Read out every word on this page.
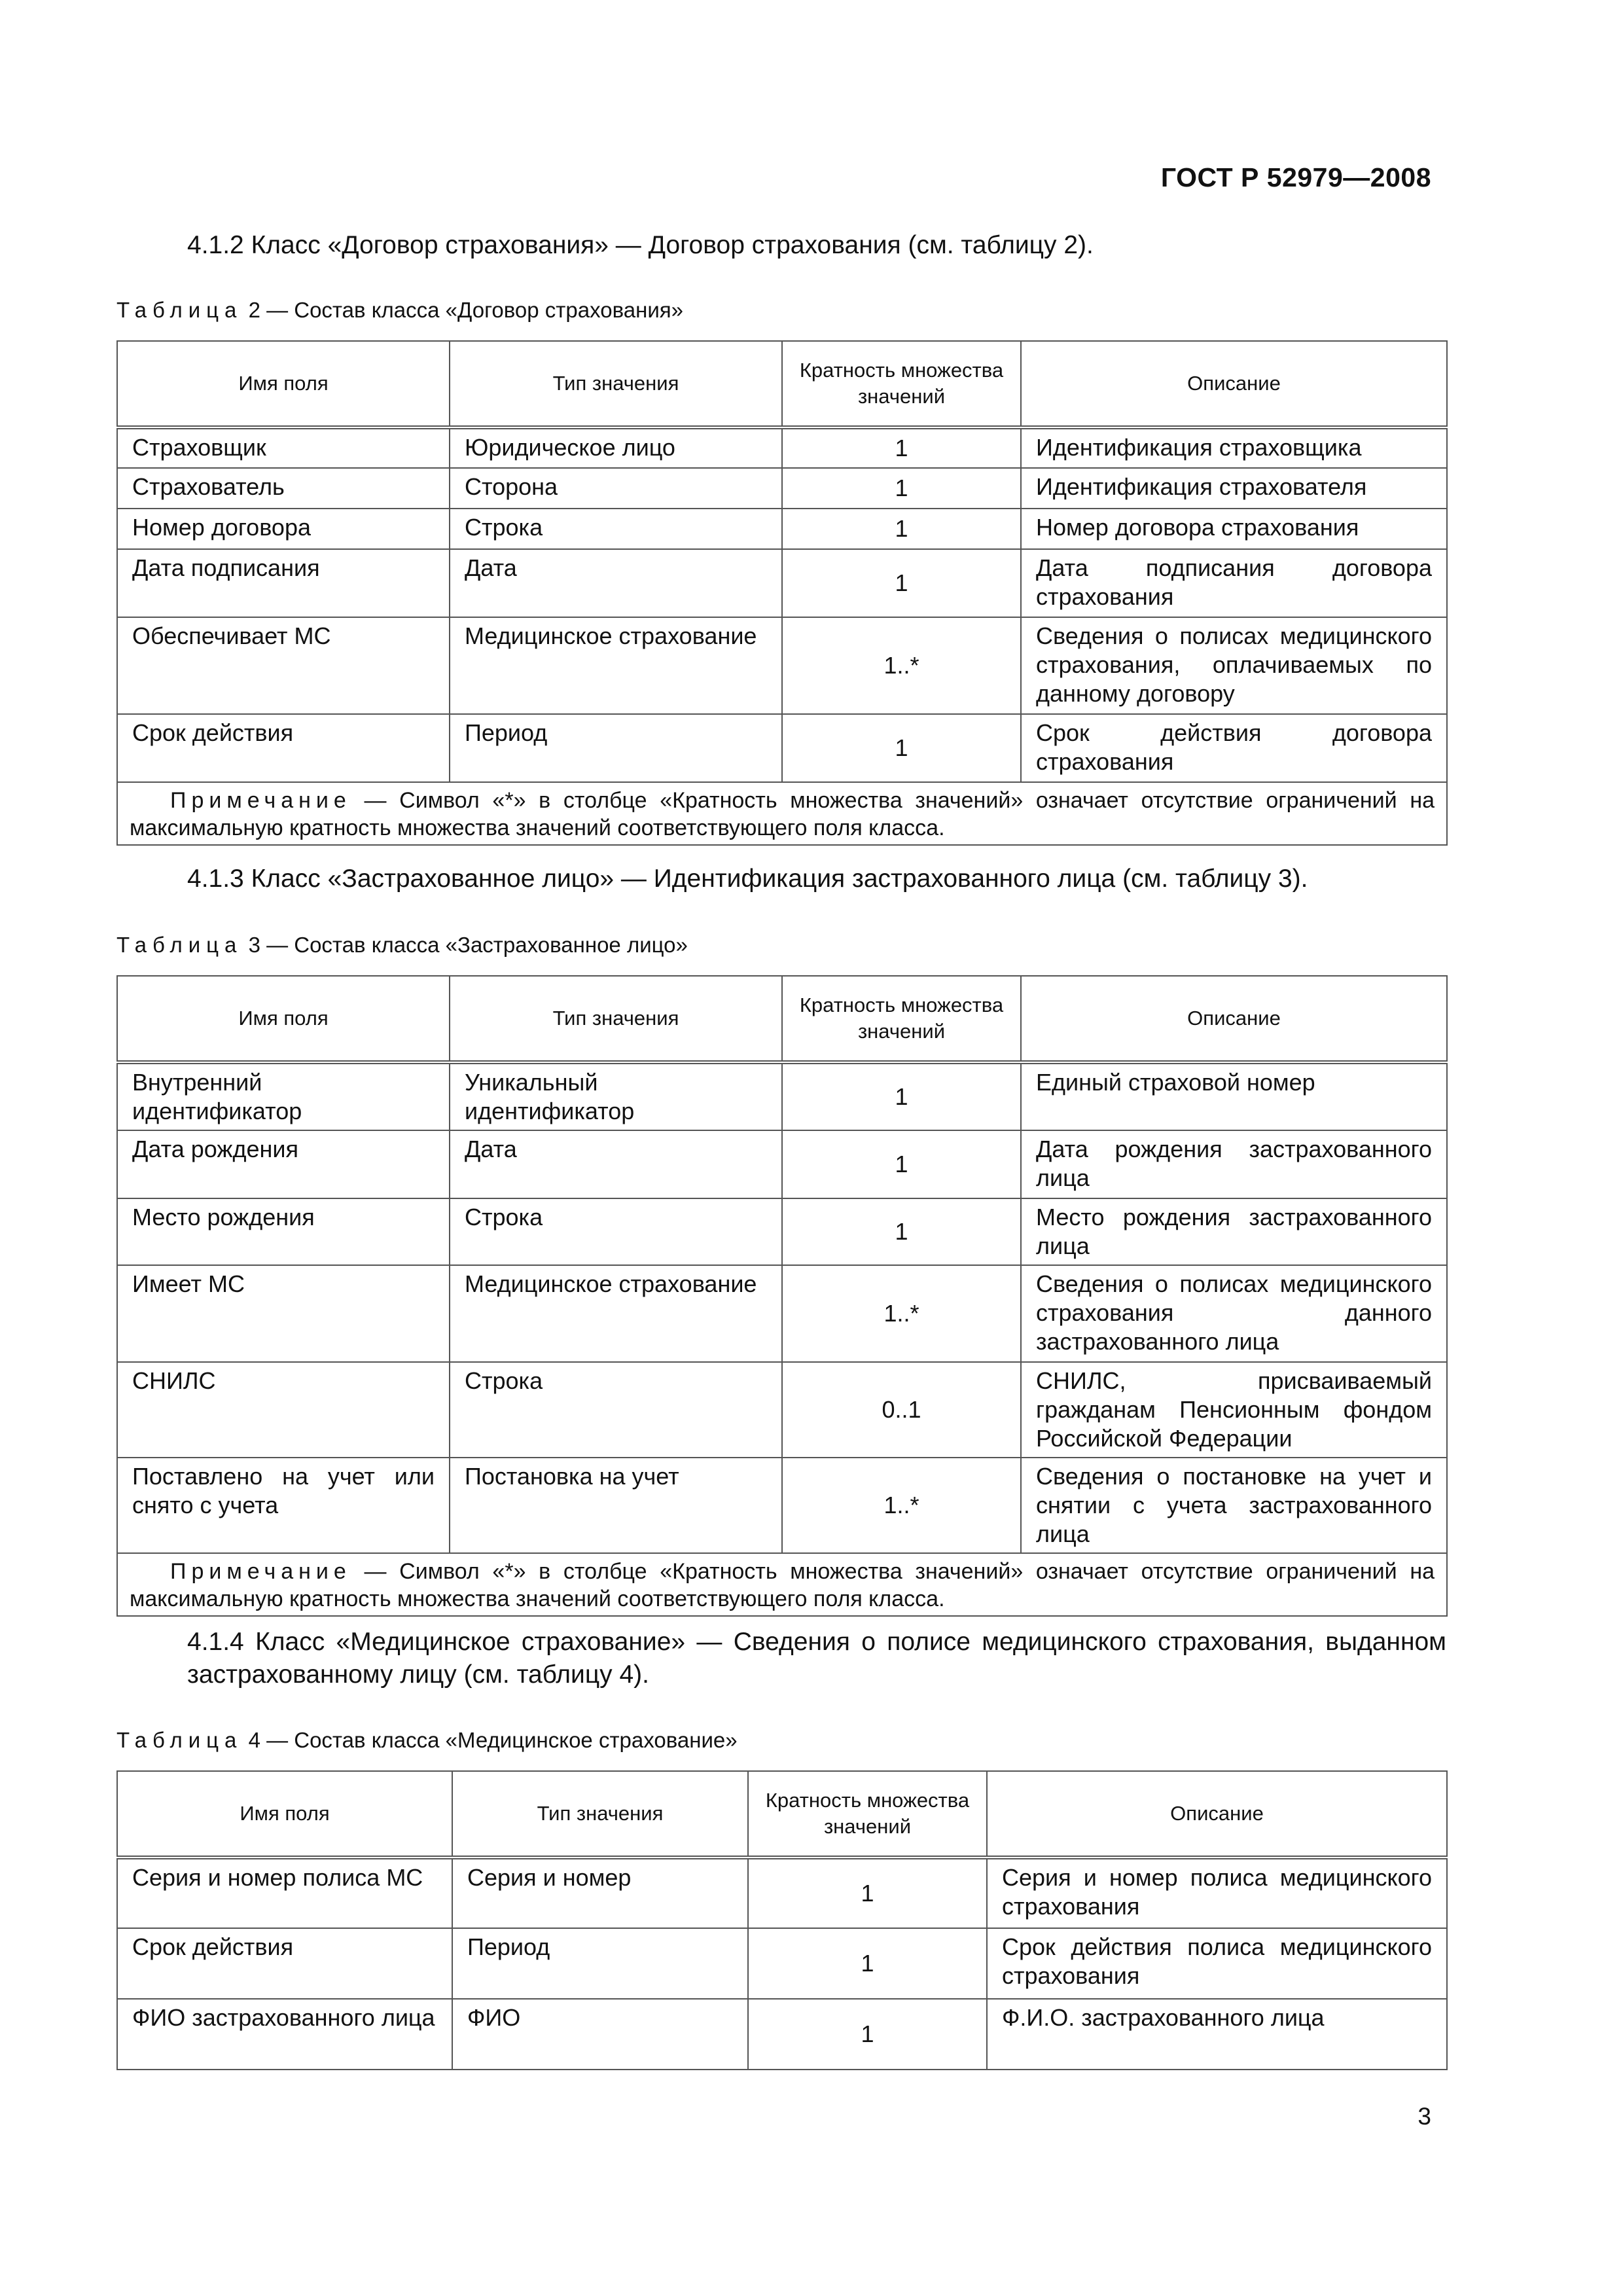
ГОСТ Р 52979—2008
4.1.2 Класс «Договор страхования» — Договор страхования (см. таблицу 2).
Таблица 2 — Состав класса «Договор страхования»
Имя поля	Тип значения	Кратность множества значений	Описание
Страховщик	Юридическое лицо	1	Идентификация страховщика
Страхователь	Сторона	1	Идентификация страхователя
Номер договора	Строка	1	Номер договора страхования
Дата подписания	Дата	1	Дата подписания договора страхования
Обеспечивает МС	Медицинское страхование	1..*	Сведения о полисах медицинского страхования, оплачиваемых по данному договору
Срок действия	Период	1	Срок действия договора страхования
Примечание — Символ «*» в столбце «Кратность множества значений» означает отсутствие ограничений на максимальную кратность множества значений соответствующего поля класса.			
4.1.3 Класс «Застрахованное лицо» — Идентификация застрахованного лица (см. таблицу 3).
Таблица 3 — Состав класса «Застрахованное лицо»
Имя поля	Тип значения	Кратность множества значений	Описание
Внутренний идентификатор	Уникальный идентификатор	1	Единый страховой номер
Дата рождения	Дата	1	Дата рождения застрахованного лица
Место рождения	Строка	1	Место рождения застрахованного лица
Имеет МС	Медицинское страхование	1..*	Сведения о полисах медицинского страхования данного застрахованного лица
СНИЛС	Строка	0..1	СНИЛС, присваиваемый гражданам Пенсионным фондом Российской Федерации
Поставлено на учет или снято с учета	Постановка на учет	1..*	Сведения о постановке на учет и снятии с учета застрахованного лица
Примечание — Символ «*» в столбце «Кратность множества значений» означает отсутствие ограничений на максимальную кратность множества значений соответствующего поля класса.			
4.1.4 Класс «Медицинское страхование» — Сведения о полисе медицинского страхования, выданном застрахованному лицу (см. таблицу 4).
Таблица 4 — Состав класса «Медицинское страхование»
Имя поля	Тип значения	Кратность множества значений	Описание
Серия и номер полиса МС	Серия и номер	1	Серия и номер полиса медицинского страхования
Срок действия	Период	1	Срок действия полиса медицинского страхования
ФИО застрахованного лица	ФИО	1	Ф.И.О. застрахованного лица
3
